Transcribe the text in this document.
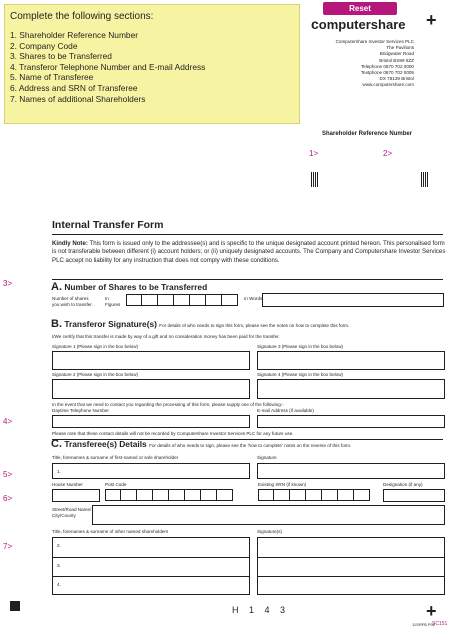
Complete the following sections:
1. Shareholder Reference Number
2. Company Code
3. Shares to be Transferred
4. Transferor Telephone Number and E-mail Address
5. Name of Transferee
6. Address and SRN of Transferee
7. Names of additional Shareholders
Reset
computershare +
Computershare Investor Services PLC
The Pavilions
Bridgwater Road
Bristol BS99 6ZZ
Telephone 0870 702 0000
Textphone 0870 702 0005
DX 78139 Bristol
www.computershare.com
Shareholder Reference Number
1>	2>
Internal Transfer Form
Kindly Note: This form is issued only to the addressee(s) and is specific to the unique designated account printed hereon. This personalised form is not transferable between different (i) account holders; or (ii) uniquely designated accounts. The Company and Computershare Investor Services PLC accept no liability for any instruction that does not comply with these conditions.
3>	A. Number of Shares to be Transferred
Number of shares you wish to transfer.
In Figures
In Words
B. Transferor Signature(s) For details of who needs to sign this form, please see the notes on how to complete this form.
I/We certify that this transfer is made by way of a gift and no consideration money has been paid for the transfer.
Signature 1 (Please sign in the box below)	Signature 3 (Please sign in the box below)
Signature 2 (Please sign in the box below)	Signature 4 (Please sign in the box below)
In the event that we need to contact you regarding the processing of this form, please supply one of the following:-
Daytime Telephone Number	E-mail Address (if available)
4>
Please note that these contact details will not be recorded by Computershare Investor Services PLC for any future use.
C. Transferee(s) Details For details of who needs to sign, please see the 'how to complete' notes on the reverse of this form.
Title, forenames & surname of first-named or sole shareholder	Signature
5>	1.
House Number	Post Code	Existing SRN (if known)	Designation (if any)
6>
Street/Road Name/ City/County
Title, forenames & surname of other named shareholders	Signature(s)
7>	2.
3.
4.
H 1 4 3	+
11SRFB P02
SC151
